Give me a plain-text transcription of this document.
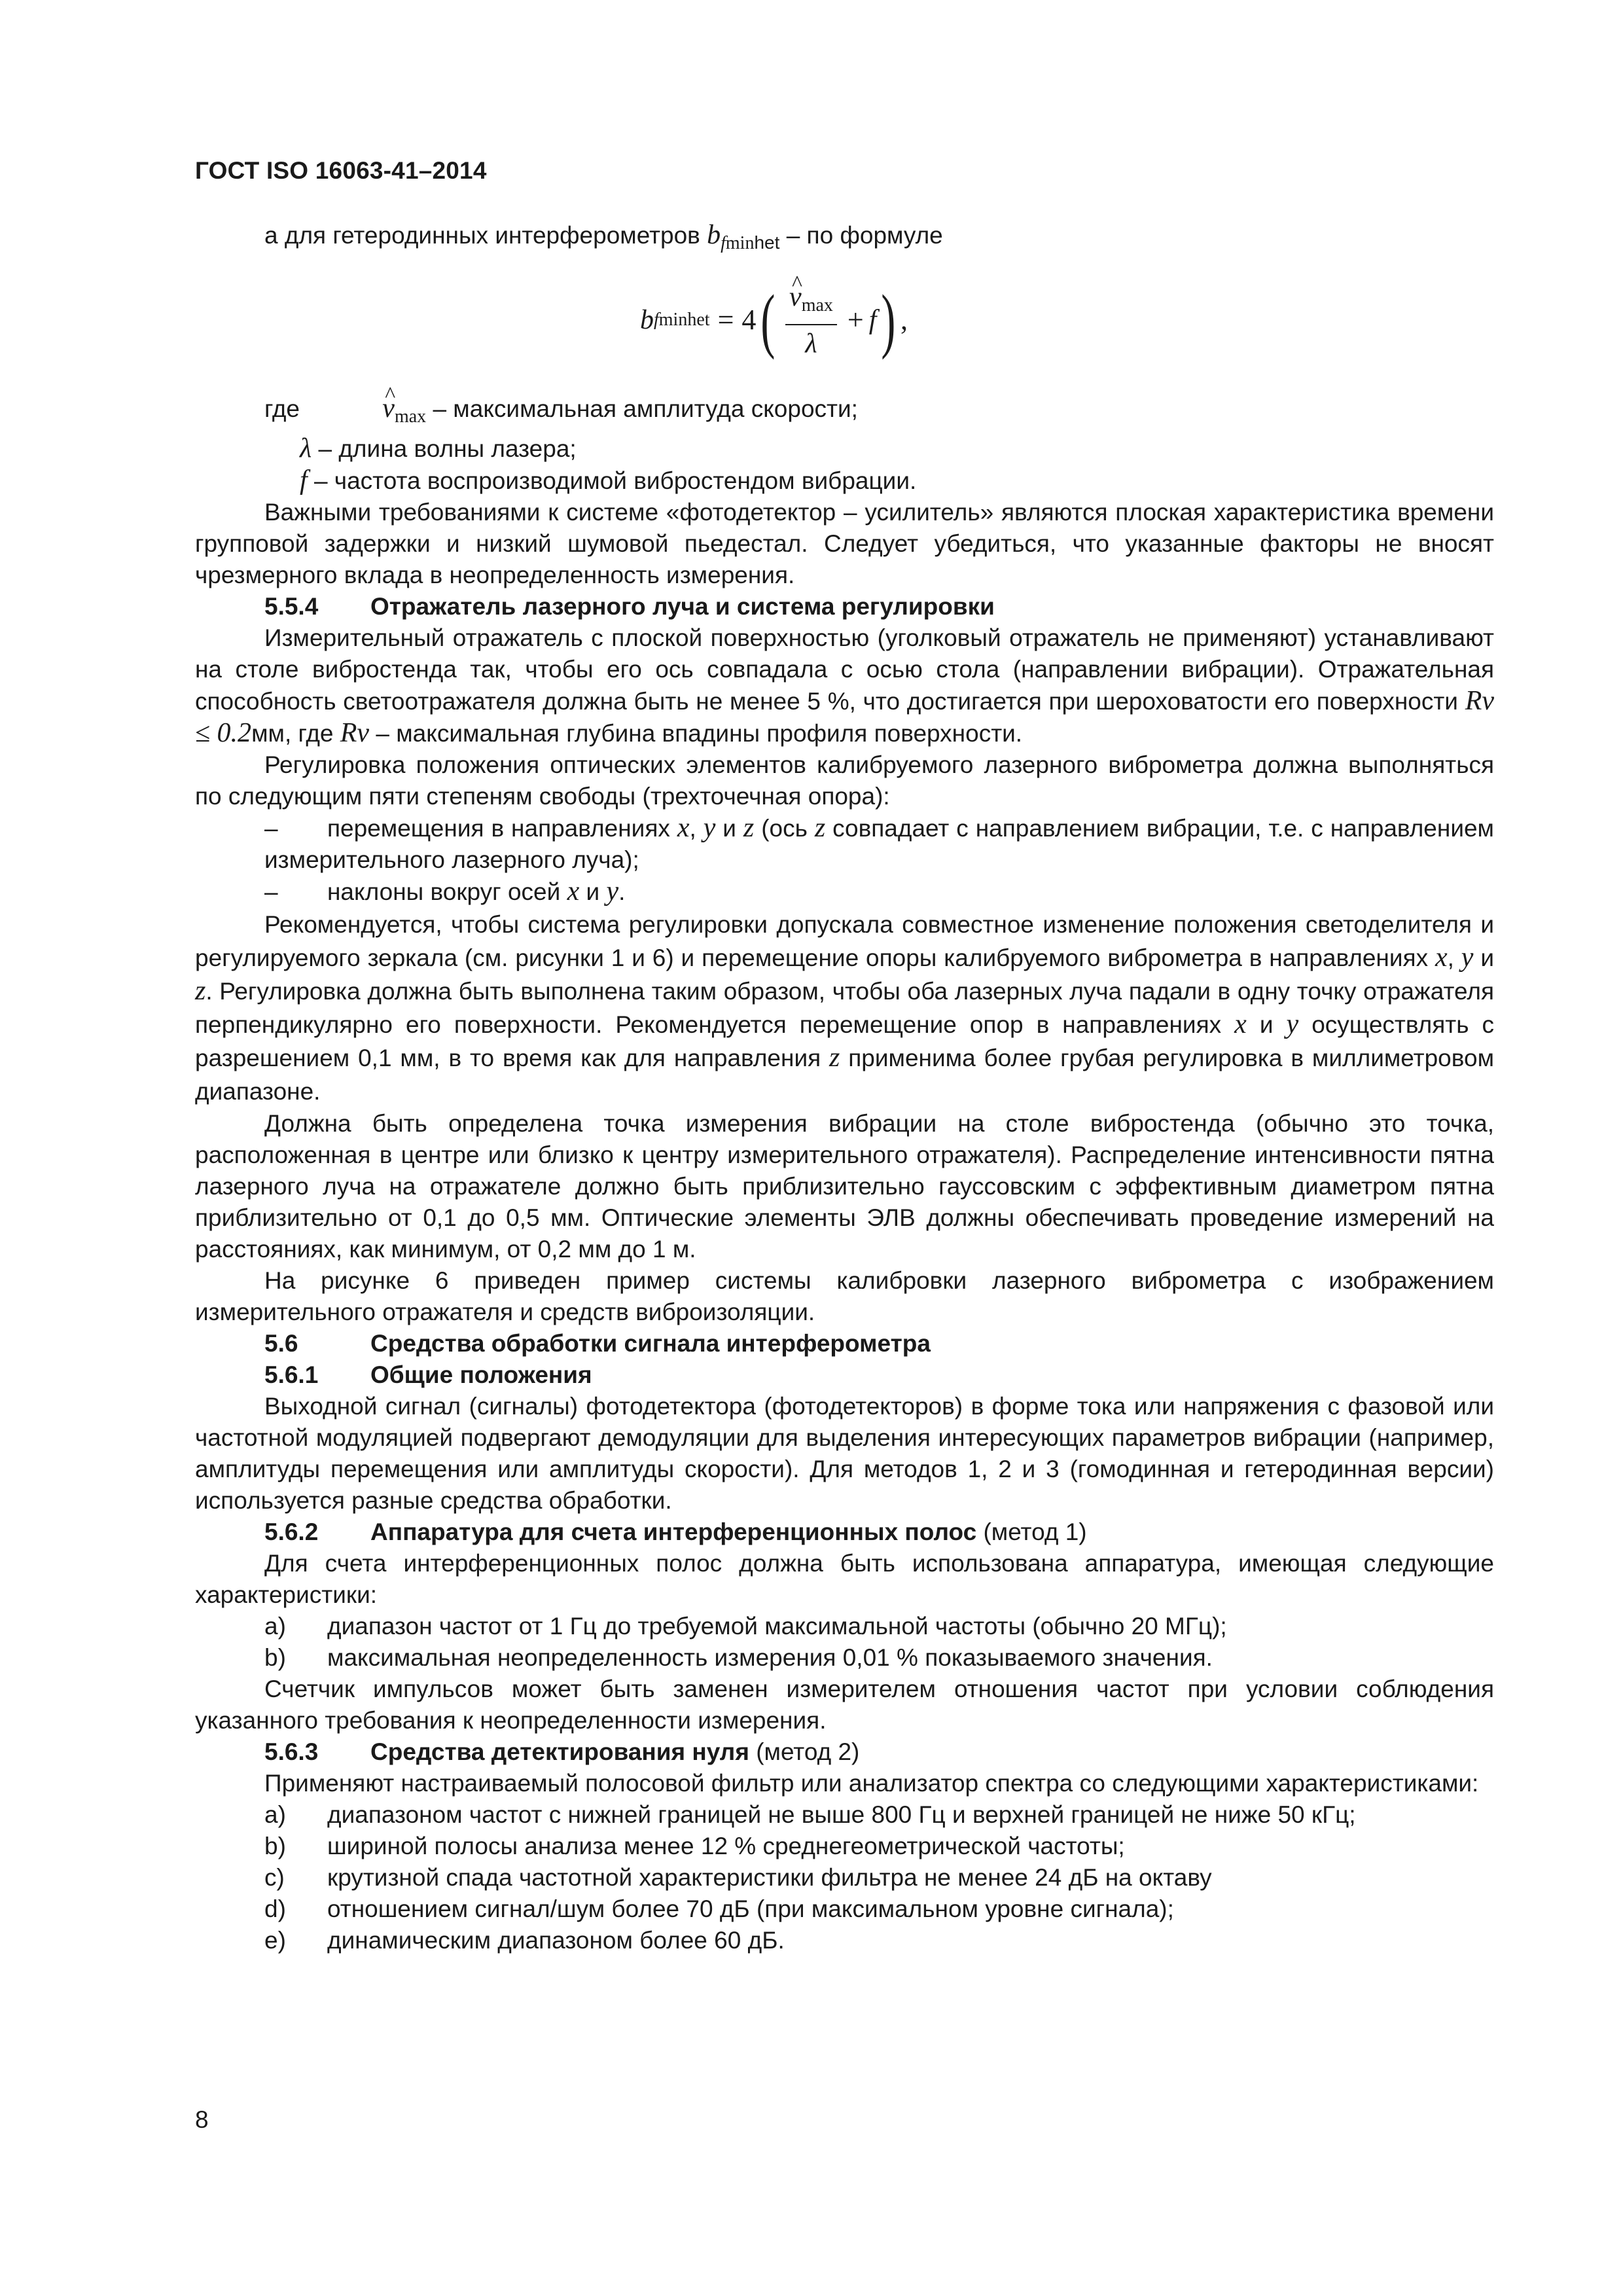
ГОСТ ISO 16063-41–2014

а для гетеродинных интерферометров $b_{fminhet}$ – по формуле

b f min het = 4 ( ^ $\frac{\nu_{max}}{\lambda} + f$ ) ,

где	^ $\nu_{max}$ – максимальная амплитуда скорости;

λ – длина волны лазера;

f – частота воспроизводимой вибростендом вибрации.

Важными требованиями к системе «фотодетектор – усилитель» являются плоская характеристика времени групповой задержки и низкий шумовой пьедестал. Следует убедиться, что указанные факторы не вносят чрезмерного вклада в неопределенность измерения.

5.5.4 Отражатель лазерного луча и система регулировки

Измерительный отражатель с плоской поверхностью (уголковый отражатель не применяют) устанавливают на столе вибростенда так, чтобы его ось совпадала с осью стола (направлении вибрации). Отражательная способность светоотражателя должна быть не менее 5 %, что достигается при шероховатости его поверхности Rv ≤ 0.2мм, где Rv – максимальная глубина впадины профиля поверхности.

Регулировка положения оптических элементов калибруемого лазерного виброметра должна выполняться по следующим пяти степеням свободы (трехточечная опора):

– перемещения в направлениях x, y и z (ось z совпадает с направлением вибрации, т.е. с направлением измерительного лазерного луча);

– наклоны вокруг осей x и y.

Рекомендуется, чтобы система регулировки допускала совместное изменение положения светоделителя и регулируемого зеркала (см. рисунки 1 и 6) и перемещение опоры калибруемого виброметра в направлениях x, y и z. Регулировка должна быть выполнена таким образом, чтобы оба лазерных луча падали в одну точку отражателя перпендикулярно его поверхности. Рекомендуется перемещение опор в направлениях x и y осуществлять с разрешением 0,1 мм, в то время как для направления z применима более грубая регулировка в миллиметровом диапазоне.

Должна быть определена точка измерения вибрации на столе вибростенда (обычно это точка, расположенная в центре или близко к центру измерительного отражателя). Распределение интенсивности пятна лазерного луча на отражателе должно быть приблизительно гауссовским с эффективным диаметром пятна приблизительно от 0,1 до 0,5 мм. Оптические элементы ЭЛВ должны обеспечивать проведение измерений на расстояниях, как минимум, от 0,2 мм до 1 м.

На рисунке 6 приведен пример системы калибровки лазерного виброметра с изображением измерительного отражателя и средств виброизоляции.

5.6	Средства обработки сигнала интерферометра

5.6.1 Общие положения

Выходной сигнал (сигналы) фотодетектора (фотодетекторов) в форме тока или напряжения с фазовой или частотной модуляцией подвергают демодуляции для выделения интересующих параметров вибрации (например, амплитуды перемещения или амплитуды скорости). Для методов 1, 2 и 3 (гомодинная и гетеродинная версии) используется разные средства обработки.

5.6.2 Аппаратура для счета интерференционных полос (метод 1)

Для счета интерференционных полос должна быть использована аппаратура, имеющая следующие характеристики:

a) диапазон частот от 1 Гц до требуемой максимальной частоты (обычно 20 МГц);

b) максимальная неопределенность измерения 0,01 % показываемого значения.

Счетчик импульсов может быть заменен измерителем отношения частот при условии соблюдения указанного требования к неопределенности измерения.

5.6.3 Средства детектирования нуля (метод 2)

Применяют настраиваемый полосовой фильтр или анализатор спектра со следующими характеристиками:

a) диапазоном частот с нижней границей не выше 800 Гц и верхней границей не ниже 50 кГц;

b) шириной полосы анализа менее 12 % среднегеометрической частоты;

c) крутизной спада частотной характеристики фильтра не менее 24 дБ на октаву

d) отношением сигнал/шум более 70 дБ (при максимальном уровне сигнала);

e) динамическим диапазоном более 60 дБ.

8
